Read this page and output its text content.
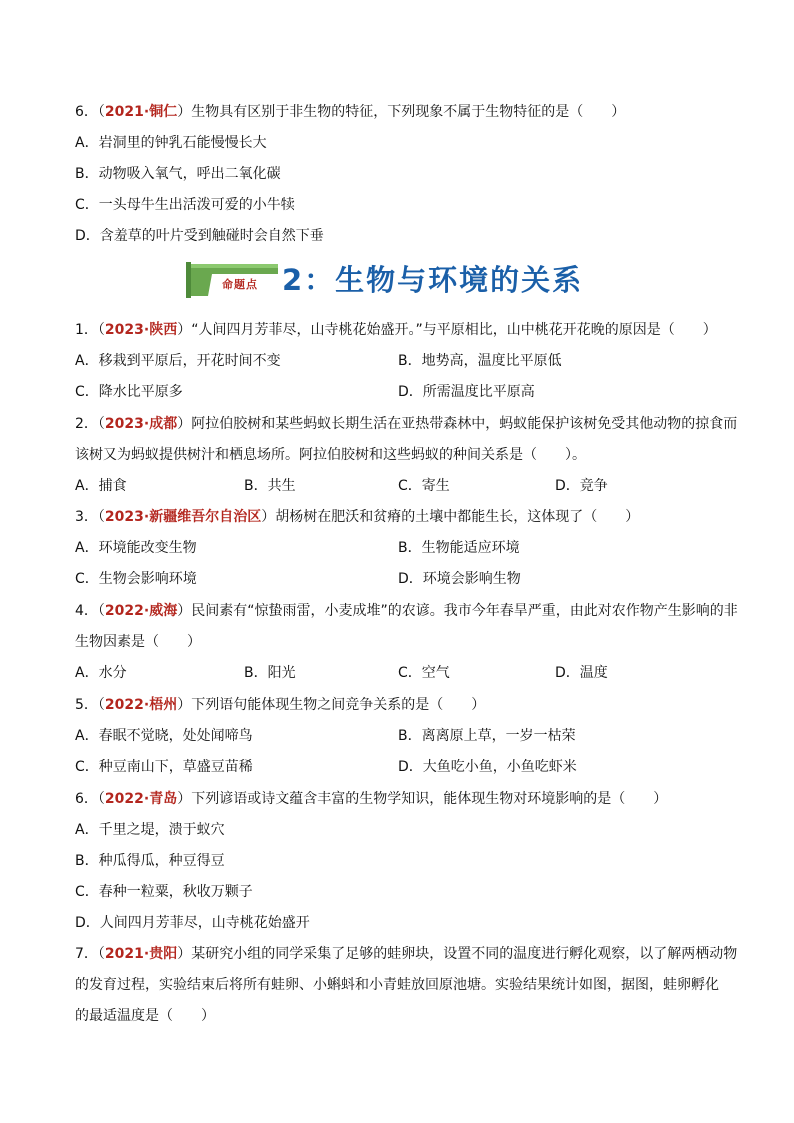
6．（2021·铜仁）生物具有区别于非生物的特征，下列现象不属于生物特征的是（　　）
A．岩洞里的钟乳石能慢慢长大
B．动物吸入氧气，呼出二氧化碳
C．一头母牛生出活泼可爱的小牛犊
D．含羞草的叶片受到触碰时会自然下垂
命题点 2：生物与环境的关系
1．（2023·陕西）“人间四月芳菲尽，山寺桃花始盛开。”与平原相比，山中桃花开花晚的原因是（　　）
A．移栽到平原后，开花时间不变	B．地势高，温度比平原低
C．降水比平原多	D．所需温度比平原高
2．（2023·成都）阿拉伯胶树和某些蚂蚁长期生活在亚热带森林中，蚂蚁能保护该树免受其他动物的掠食而
该树又为蚂蚁提供树汁和栖息场所。阿拉伯胶树和这些蚂蚁的种间关系是（　　）。
A．捕食	B．共生	C．寄生	D．竞争
3．（2023·新疆维吾尔自治区）胡杨树在肥沃和贫瘠的土壤中都能生长，这体现了（　　）
A．环境能改变生物	B．生物能适应环境
C．生物会影响环境	D．环境会影响生物
4．（2022·威海）民间素有“惊蛰雨雷，小麦成堆”的农谚。我市今年春旱严重，由此对农作物产生影响的非
生物因素是（　　）
A．水分	B．阳光	C．空气	D．温度
5．（2022·梧州）下列语句能体现生物之间竞争关系的是（　　）
A．春眠不觉晓，处处闻啼鸟	B．离离原上草，一岁一枯荣
C．种豆南山下，草盛豆苗稀	D．大鱼吃小鱼，小鱼吃虾米
6．（2022·青岛）下列谚语或诗文蕴含丰富的生物学知识，能体现生物对环境影响的是（　　）
A．千里之堤，溃于蚁穴
B．种瓜得瓜，种豆得豆
C．春种一粒粟，秋收万颗子
D．人间四月芳菲尽，山寺桃花始盛开
7．（2021·贵阳）某研究小组的同学采集了足够的蛙卵块，设置不同的温度进行孵化观察，以了解两栖动物
的发育过程，实验结束后将所有蛙卵、小蝌蚪和小青蛙放回原池塘。实验结果统计如图，据图，蛙卵孵化
的最适温度是（　　）
